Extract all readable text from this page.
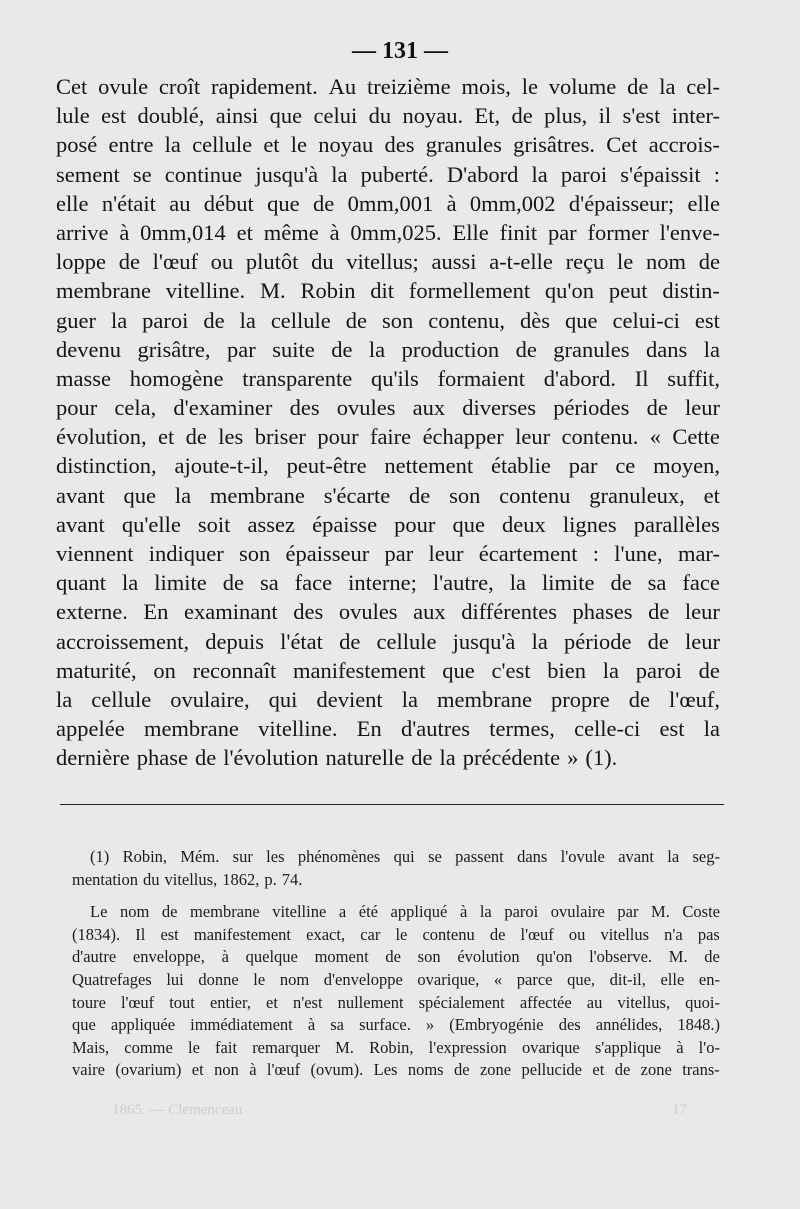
— 131 —
Cet ovule croît rapidement. Au treizième mois, le volume de la cel-
lule est doublé, ainsi que celui du noyau. Et, de plus, il s'est inter-
posé entre la cellule et le noyau des granules grisâtres. Cet accrois-
sement se continue jusqu'à la puberté. D'abord la paroi s'épaissit :
elle n'était au début que de 0mm,001 à 0mm,002 d'épaisseur; elle
arrive à 0mm,014 et même à 0mm,025. Elle finit par former l'enve-
loppe de l'œuf ou plutôt du vitellus; aussi a-t-elle reçu le nom de
membrane vitelline. M. Robin dit formellement qu'on peut distin-
guer la paroi de la cellule de son contenu, dès que celui-ci est
devenu grisâtre, par suite de la production de granules dans la
masse homogène transparente qu'ils formaient d'abord. Il suffit,
pour cela, d'examiner des ovules aux diverses périodes de leur
évolution, et de les briser pour faire échapper leur contenu. « Cette
distinction, ajoute-t-il, peut-être nettement établie par ce moyen,
avant que la membrane s'écarte de son contenu granuleux, et
avant qu'elle soit assez épaisse pour que deux lignes parallèles
viennent indiquer son épaisseur par leur écartement : l'une, mar-
quant la limite de sa face interne; l'autre, la limite de sa face
externe. En examinant des ovules aux différentes phases de leur
accroissement, depuis l'état de cellule jusqu'à la période de leur
maturité, on reconnaît manifestement que c'est bien la paroi de
la cellule ovulaire, qui devient la membrane propre de l'œuf,
appelée membrane vitelline. En d'autres termes, celle-ci est la
dernière phase de l'évolution naturelle de la précédente » (1).
(1) Robin, Mém. sur les phénomènes qui se passent dans l'ovule avant la seg-
mentation du vitellus, 1862, p. 74.
Le nom de membrane vitelline a été appliqué à la paroi ovulaire par M. Coste
(1834). Il est manifestement exact, car le contenu de l'œuf ou vitellus n'a pas
d'autre enveloppe, à quelque moment de son évolution qu'on l'observe. M. de
Quatrefages lui donne le nom d'enveloppe ovarique, « parce que, dit-il, elle en-
toure l'œuf tout entier, et n'est nullement spécialement affectée au vitellus, quoi-
que appliquée immédiatement à sa surface. » (Embryogénie des annélides, 1848.)
Mais, comme le fait remarquer M. Robin, l'expression ovarique s'applique à l'o-
vaire (ovarium) et non à l'œuf (ovum). Les noms de zone pellucide et de zone trans-
1865. — Clemenceau	17
